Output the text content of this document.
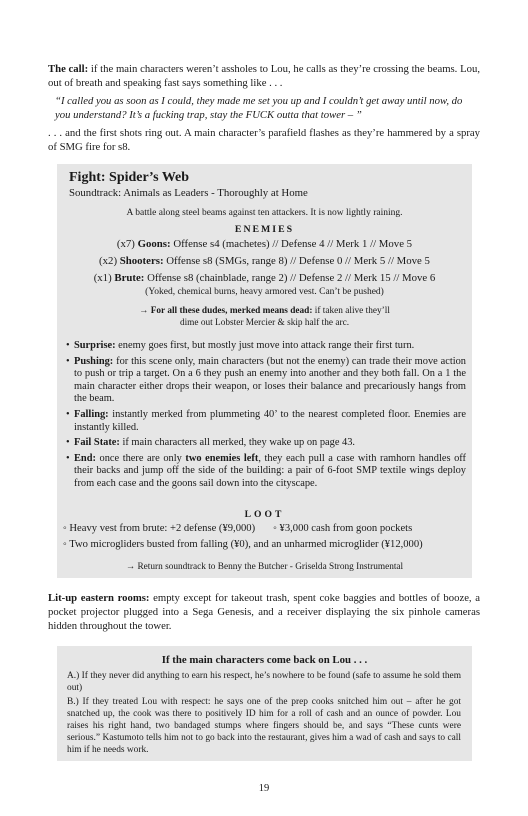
The call: if the main characters weren’t assholes to Lou, he calls as they’re crossing the beams. Lou, out of breath and speaking fast says something like . . .

“I called you as soon as I could, they made me set you up and I couldn’t get away until now, do you understand? It’s a fucking trap, stay the FUCK outta that tower – ”

. . . and the first shots ring out. A main character’s parafield flashes as they’re hammered by a spray of SMG fire for s8.

Fight: Spider’s Web
Soundtrack: Animals as Leaders - Thoroughly at Home
A battle along steel beams against ten attackers. It is now lightly raining.
ENEMIES
(x7) Goons: Offense s4 (machetes) // Defense 4 // Merk 1 // Move 5
(x2) Shooters: Offense s8 (SMGs, range 8) // Defense 0 // Merk 5 // Move 5
(x1) Brute: Offense s8 (chainblade, range 2) // Defense 2 // Merk 15 // Move 6
(Yoked, chemical burns, heavy armored vest. Can’t be pushed)
→ For all these dudes, merked means dead: if taken alive they’ll
dime out Lobster Mercier & skip half the arc.
• Surprise: enemy goes first, but mostly just move into attack range their first turn.
• Pushing: for this scene only, main characters (but not the enemy) can trade their move action to push or trip a target. On a 6 they push an enemy into another and they both fall. On a 1 the main character either drops their weapon, or loses their balance and precariously hangs from the beam.
• Falling: instantly merked from plummeting 40’ to the nearest completed floor. Enemies are instantly killed.
• Fail State: if main characters all merked, they wake up on page 43.
• End: once there are only two enemies left, they each pull a case with ramhorn handles off their backs and jump off the side of the building: a pair of 6-foot SMP textile wings deploy from each case and the goons sail down into the cityscape.
LOOT
◦ Heavy vest from brute: +2 defense (¥9,000) ◦ ¥3,000 cash from goon pockets
◦ Two microgliders busted from falling (¥0), and an unharmed microglider (¥12,000)
→ Return soundtrack to Benny the Butcher - Griselda Strong Instrumental

Lit-up eastern rooms: empty except for takeout trash, spent coke baggies and bottles of booze, a pocket projector plugged into a Sega Genesis, and a receiver displaying the six pinhole cameras hidden throughout the tower.

If the main characters come back on Lou . . .

A.) If they never did anything to earn his respect, he’s nowhere to be found (safe to assume he sold them out)

B.) If they treated Lou with respect: he says one of the prep cooks snitched him out – after he got snatched up, the cook was there to positively ID him for a roll of cash and an ounce of powder. Lou raises his right hand, two bandaged stumps where fingers should be, and says “These cunts were serious.” Kastumoto tells him not to go back into the restaurant, gives him a wad of cash and says to call him if he needs work.

19
